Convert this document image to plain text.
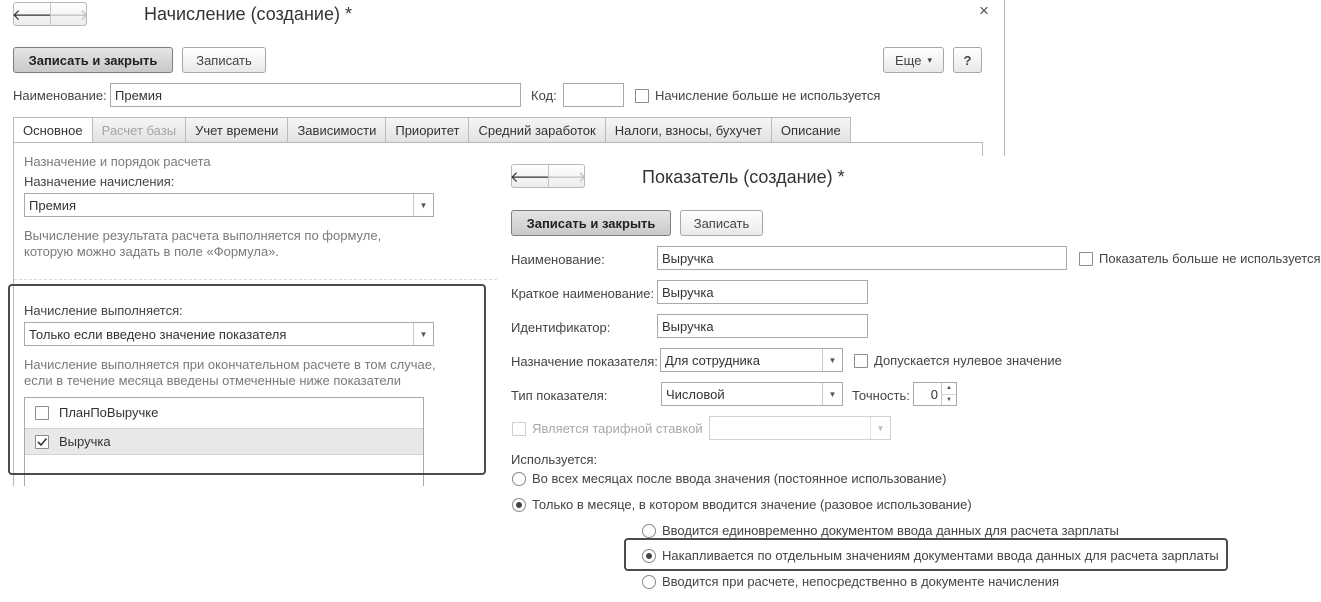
🡐
🡒	Начисление (создание) *	×
Записать и закрыть	Записать	Еще ▾	?
Наименование: Премия	Код:	Начисление больше не используется
Основное	Расчет базы	Учет времени	Зависимости	Приоритет	Средний заработок	Налоги, взносы, бухучет	Описание
Назначение и порядок расчета
Назначение начисления:
Премия	▼
Вычисление результата расчета выполняется по формуле,
которую можно задать в поле «Формула».
Начисление выполняется:
Только если введено значение показателя	▼
Начисление выполняется при окончательном расчете в том случае,
если в течение месяца введены отмеченные ниже показатели
ПланПоВыручке
Выручка
🡐
🡒	Показатель (создание) *
Записать и закрыть	Записать
Наименование:	Выручка	Показатель больше не используется
Краткое наименование: Выручка
Идентификатор:	Выручка
Назначение показателя: Для сотрудника	▼	Допускается нулевое значение
Тип показателя:	Числовой	▼	Точность:	0	▲
▼
Является тарифной ставкой	▼
Используется:
Во всех месяцах после ввода значения (постоянное использование)
Только в месяце, в котором вводится значение (разовое использование)
Вводится единовременно документом ввода данных для расчета зарплаты
Накапливается по отдельным значениям документами ввода данных для расчета зарплаты
Вводится при расчете, непосредственно в документе начисления
